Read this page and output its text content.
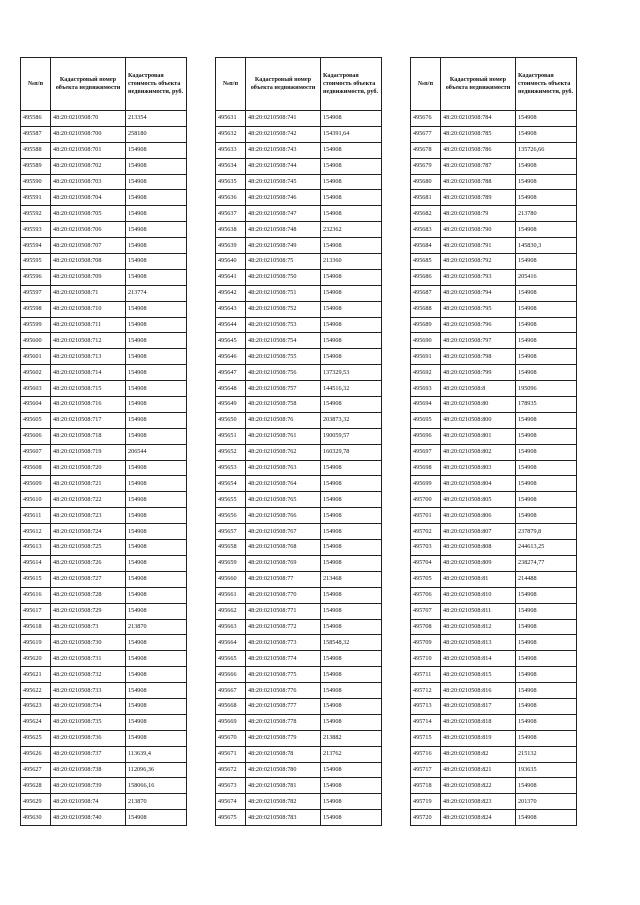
№п/п	Кадастровый номер объекта недвижимости	Кадастровая стоимость объекта недвижимости, руб.
495586	48:20:0210508:70	213354
495587	48:20:0210508:700	258180
495588	48:20:0210508:701	154908
495589	48:20:0210508:702	154908
495590	48:20:0210508:703	154908
495591	48:20:0210508:704	154908
495592	48:20:0210508:705	154908
495593	48:20:0210508:706	154908
495594	48:20:0210508:707	154908
495595	48:20:0210508:708	154908
495596	48:20:0210508:709	154908
495597	48:20:0210508:71	213774
495598	48:20:0210508:710	154908
495599	48:20:0210508:711	154908
495600	48:20:0210508:712	154908
495601	48:20:0210508:713	154908
495602	48:20:0210508:714	154908
495603	48:20:0210508:715	154908
495604	48:20:0210508:716	154908
495605	48:20:0210508:717	154908
495606	48:20:0210508:718	154908
495607	48:20:0210508:719	206544
495608	48:20:0210508:720	154908
495609	48:20:0210508:721	154908
495610	48:20:0210508:722	154908
495611	48:20:0210508:723	154908
495612	48:20:0210508:724	154908
495613	48:20:0210508:725	154908
495614	48:20:0210508:726	154908
495615	48:20:0210508:727	154908
495616	48:20:0210508:728	154908
495617	48:20:0210508:729	154908
495618	48:20:0210508:73	213870
495619	48:20:0210508:730	154908
495620	48:20:0210508:731	154908
495621	48:20:0210508:732	154908
495622	48:20:0210508:733	154908
495623	48:20:0210508:734	154908
495624	48:20:0210508:735	154908
495625	48:20:0210508:736	154908
495626	48:20:0210508:737	113639,4
495627	48:20:0210508:738	112096,36
495628	48:20:0210508:739	158066,16
495629	48:20:0210508:74	213870
495630	48:20:0210508:740	154908
№п/п	Кадастровый номер объекта недвижимости	Кадастровая стоимость объекта недвижимости, руб.
495631	48:20:0210508:741	154908
495632	48:20:0210508:742	154391,64
495633	48:20:0210508:743	154908
495634	48:20:0210508:744	154908
495635	48:20:0210508:745	154908
495636	48:20:0210508:746	154908
495637	48:20:0210508:747	154908
495638	48:20:0210508:748	232362
495639	48:20:0210508:749	154908
495640	48:20:0210508:75	213360
495641	48:20:0210508:750	154908
495642	48:20:0210508:751	154908
495643	48:20:0210508:752	154908
495644	48:20:0210508:753	154908
495645	48:20:0210508:754	154908
495646	48:20:0210508:755	154908
495647	48:20:0210508:756	137329,53
495648	48:20:0210508:757	144516,32
495649	48:20:0210508:758	154908
495650	48:20:0210508:76	203873,32
495651	48:20:0210508:761	190059,57
495652	48:20:0210508:762	160329,78
495653	48:20:0210508:763	154908
495654	48:20:0210508:764	154908
495655	48:20:0210508:765	154908
495656	48:20:0210508:766	154908
495657	48:20:0210508:767	154908
495658	48:20:0210508:768	154908
495659	48:20:0210508:769	154908
495660	48:20:0210508:77	213468
495661	48:20:0210508:770	154908
495662	48:20:0210508:771	154908
495663	48:20:0210508:772	154908
495664	48:20:0210508:773	158548,32
495665	48:20:0210508:774	154908
495666	48:20:0210508:775	154908
495667	48:20:0210508:776	154908
495668	48:20:0210508:777	154908
495669	48:20:0210508:778	154908
495670	48:20:0210508:779	213882
495671	48:20:0210508:78	213762
495672	48:20:0210508:780	154908
495673	48:20:0210508:781	154908
495674	48:20:0210508:782	154908
495675	48:20:0210508:783	154908
№п/п	Кадастровый номер объекта недвижимости	Кадастровая стоимость объекта недвижимости, руб.
495676	48:20:0210508:784	154908
495677	48:20:0210508:785	154908
495678	48:20:0210508:786	135726,66
495679	48:20:0210508:787	154908
495680	48:20:0210508:788	154908
495681	48:20:0210508:789	154908
495682	48:20:0210508:79	213780
495683	48:20:0210508:790	154908
495684	48:20:0210508:791	145830,3
495685	48:20:0210508:792	154908
495686	48:20:0210508:793	205416
495687	48:20:0210508:794	154908
495688	48:20:0210508:795	154908
495689	48:20:0210508:796	154908
495690	48:20:0210508:797	154908
495691	48:20:0210508:798	154908
495692	48:20:0210508:799	154908
495693	48:20:0210508:8	195096
495694	48:20:0210508:80	178935
495695	48:20:0210508:800	154908
495696	48:20:0210508:801	154908
495697	48:20:0210508:802	154908
495698	48:20:0210508:803	154908
495699	48:20:0210508:804	154908
495700	48:20:0210508:805	154908
495701	48:20:0210508:806	154908
495702	48:20:0210508:807	237879,8
495703	48:20:0210508:808	244613,25
495704	48:20:0210508:809	238274,77
495705	48:20:0210508:81	214488
495706	48:20:0210508:810	154908
495707	48:20:0210508:811	154908
495708	48:20:0210508:812	154908
495709	48:20:0210508:813	154908
495710	48:20:0210508:814	154908
495711	48:20:0210508:815	154908
495712	48:20:0210508:816	154908
495713	48:20:0210508:817	154908
495714	48:20:0210508:818	154908
495715	48:20:0210508:819	154908
495716	48:20:0210508:82	215132
495717	48:20:0210508:821	193635
495718	48:20:0210508:822	154908
495719	48:20:0210508:823	201370
495720	48:20:0210508:824	154908
